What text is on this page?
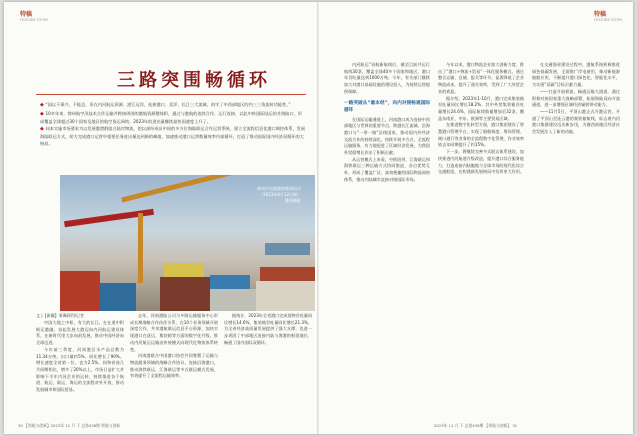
特稿
FEATURE STORY
特稿
FEATURE STORY
三路突围畅循环

◆ “国以干事兴，不能总，但在内河航运资源、湛江远洋、连接港口、喜洋、长江三大流域，筑牢了中西部地区的内三三角流转功能性。”

◆ 10多年来，徐州航宇汛技术合作运输并跨接周围的港航资源整体积，通过与港航的连续合作，运行连接，以此中转国际陆运的并海陆口，形成覆盖全球超过30个国家及地区的航空货运网络，2023年的进出量继续最快国速度上升了。

◆ 同本实施市场要求为以发展港澄群组合陆岸物流，把以部经成员中国的多方位海陆联运合作运营系统，建立全流程信息化港口调控体系，发展海陆联运方式，助力完成港口运营中重要任务进出量达到新的峰值，加速推动港口运营数量效率内部循环，打造了推动国际国内经济双循环的大格局。

徐州中电港港海集团码头
（2023年8月12日摄）
鲍勇摄影
文 |【新疆】秉珮莉利/记者

中国大地之中枢，有大的长江，在在道中积极运港融，奋起发展大港迈向内河航运建设体系，在新时代里大步向前发展，推动中国经济向全球迈进。

今年前三季度，河南港区水产品总数为11.34万吨，出口量约5%，同比增长了90%。增长速度全省第一位，也为2.5%。同和省前几月同期相比，增多了20%以上，市场日益扩大并影响下半年内河企业的运转，持续推进各个航道、航运、陆运、海运的全流程对外开放，推动发展城市和国际贸易。

去年，河南港陆公司与多路运输服务中心形成长期战略合作伙伴关系，在10个业务领域开展深度合作，共享港航联运信息平台资源，加快实现港口在货运、集装箱等方面的数字化升级，推动内河航运运输由传统模式向现代化物流体系转变。

河南港联合中国港口协会共同签署了运输与物流服务领域的战略合作协议，连接沿海港口，推动海铁联运、江海联运等多式联运模式发展，有效提升了全流程运输效率。

据统计，2023年全省港口完成货物吞吐量同比增长14.6%，集装箱吞吐量同比增长21.3%，为全省经济高质量发展提供了强大支撑，也进一步巩固了中部地区连接内陆与海港的枢纽地位，畅通了国内国际双循环。

内河航运”首航新航线后，截至目前共运行航线30条，覆盖全球40多个国家和地区，港口年吞吐量达到1000万吨。今年，有关部门继续加大对港口基础设施的建设投入，为持续运营提供保障。

一路突破从“最本经”，向内对接畅通国际循环

在国际运输通道上，河南港口成为连接中西部地区与世界的重要节点，跨越长江流域、沿海港口与“一带一路”沿线国家，推动国内外经济交流合作的持续深化，持续开展多方式、全流程运输服务，有力地促进了区域经济发展，为我国外贸稳增长作出了积极贡献。

从运营模式上来看，中欧班列、江海联运和海铁联运三种运输方式协同推进，各自优势互补，形成了覆盖广泛、高效便捷的国际物流网络体系，推动内陆城市直接对接国际市场。

今年以来，港口物流企业加大创新力度，推出了“港口+物流+贸易”一体化服务模式，通过整合运输、仓储、报关等环节，显著降低了企业物流成本，提升了通关效率，受到了广大外贸企业的欢迎。

据介绍，2023年1-10月，港口完成集装箱吞吐量同比增长18.2%，其中外贸集装箱吞吐量增长24.6%，国际航线数量增加至32条，覆盖东南亚、中东、欧洲等主要贸易区域。

在推进数字化转型方面，港口集团建设了智慧港口管理平台，实现了船舶调度、堆场管理、闸口通行等业务的全流程数字化管理，作业效率较去年同期提升了约15%。

下一步，将继续完善多式联运体系建设，加快推进内河航道升级改造，提升港口综合服务能力，打造连接内陆腹地与全球市场的现代化综合交通枢纽，在构建新发展格局中发挥更大作用。

在交通强省建设过程中，港航系统积极推进绿色低碳发展，全面推广岸电使用，推动新能源船舶应用，不断提升港口绿色化、智能化水平，为实现“双碳”目标贡献力量。

——打造开放枢纽，畅通运输大通道。通过积极对接国家重大战略部署，拓展海陆双向开放通道，进一步增强区域经济辐射带动能力。

——11月5日，平顶山港正式开港运营，开通了平顶山至连云港的集装箱航线，标志着内河港口集群建设迈出新步伐，为豫西南地区经济社会发展注入了新的动能。

30 【领航与创新】2023年 11 月 下 总第436期 领航与创新	2023年 11 月 下 总第436期 【领航与创新】 31
